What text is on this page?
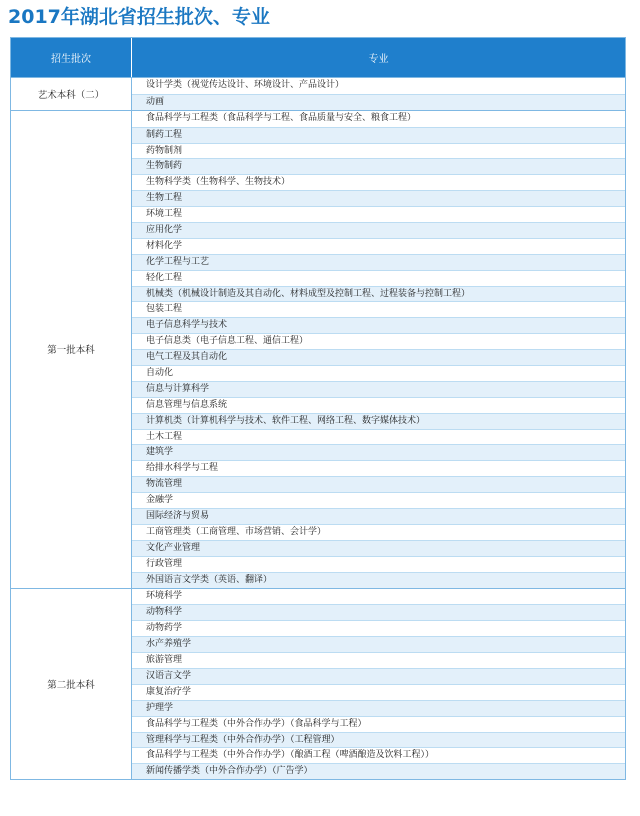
2017年湖北省招生批次、专业
招生批次	专业
艺术本科（二）
设计学类（视觉传达设计、环境设计、产品设计）
动画
第一批本科
食品科学与工程类（食品科学与工程、食品质量与安全、粮食工程）
制药工程
药物制剂
生物制药
生物科学类（生物科学、生物技术）
生物工程
环境工程
应用化学
材料化学
化学工程与工艺
轻化工程
机械类（机械设计制造及其自动化、材料成型及控制工程、过程装备与控制工程）
包装工程
电子信息科学与技术
电子信息类（电子信息工程、通信工程）
电气工程及其自动化
自动化
信息与计算科学
信息管理与信息系统
计算机类（计算机科学与技术、软件工程、网络工程、数字媒体技术）
土木工程
建筑学
给排水科学与工程
物流管理
金融学
国际经济与贸易
工商管理类（工商管理、市场营销、会计学）
文化产业管理
行政管理
外国语言文学类（英语、翻译）
第二批本科
环境科学
动物科学
动物药学
水产养殖学
旅游管理
汉语言文学
康复治疗学
护理学
食品科学与工程类（中外合作办学）（食品科学与工程）
管理科学与工程类（中外合作办学）（工程管理）
食品科学与工程类（中外合作办学）（酿酒工程（啤酒酿造及饮料工程））
新闻传播学类（中外合作办学）（广告学）
